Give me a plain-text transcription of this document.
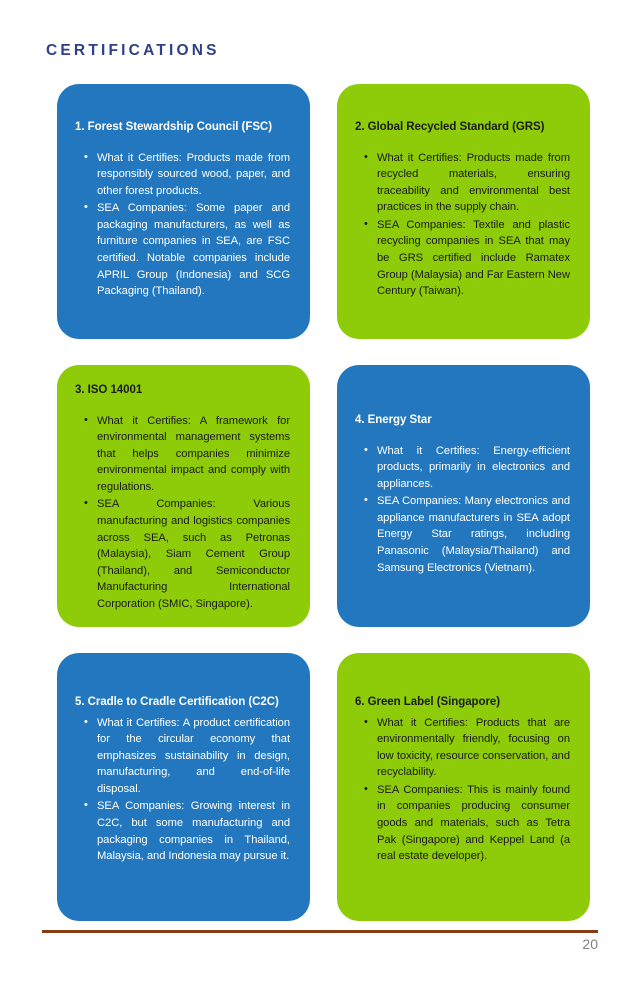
CERTIFICATIONS
1. Forest Stewardship Council (FSC)
• What it Certifies: Products made from responsibly sourced wood, paper, and other forest products.
• SEA Companies: Some paper and packaging manufacturers, as well as furniture companies in SEA, are FSC certified. Notable companies include APRIL Group (Indonesia) and SCG Packaging (Thailand).
2. Global Recycled Standard (GRS)
• What it Certifies: Products made from recycled materials, ensuring traceability and environmental best practices in the supply chain.
• SEA Companies: Textile and plastic recycling companies in SEA that may be GRS certified include Ramatex Group (Malaysia) and Far Eastern New Century (Taiwan).
3. ISO 14001
• What it Certifies: A framework for environmental management systems that helps companies minimize environmental impact and comply with regulations.
• SEA Companies: Various manufacturing and logistics companies across SEA, such as Petronas (Malaysia), Siam Cement Group (Thailand), and Semiconductor Manufacturing International Corporation (SMIC, Singapore).
4. Energy Star
• What it Certifies: Energy-efficient products, primarily in electronics and appliances.
• SEA Companies: Many electronics and appliance manufacturers in SEA adopt Energy Star ratings, including Panasonic (Malaysia/Thailand) and Samsung Electronics (Vietnam).
5. Cradle to Cradle Certification (C2C)
• What it Certifies: A product certification for the circular economy that emphasizes sustainability in design, manufacturing, and end-of-life disposal.
• SEA Companies: Growing interest in C2C, but some manufacturing and packaging companies in Thailand, Malaysia, and Indonesia may pursue it.
6. Green Label (Singapore)
• What it Certifies: Products that are environmentally friendly, focusing on low toxicity, resource conservation, and recyclability.
• SEA Companies: This is mainly found in companies producing consumer goods and materials, such as Tetra Pak (Singapore) and Keppel Land (a real estate developer).
20
